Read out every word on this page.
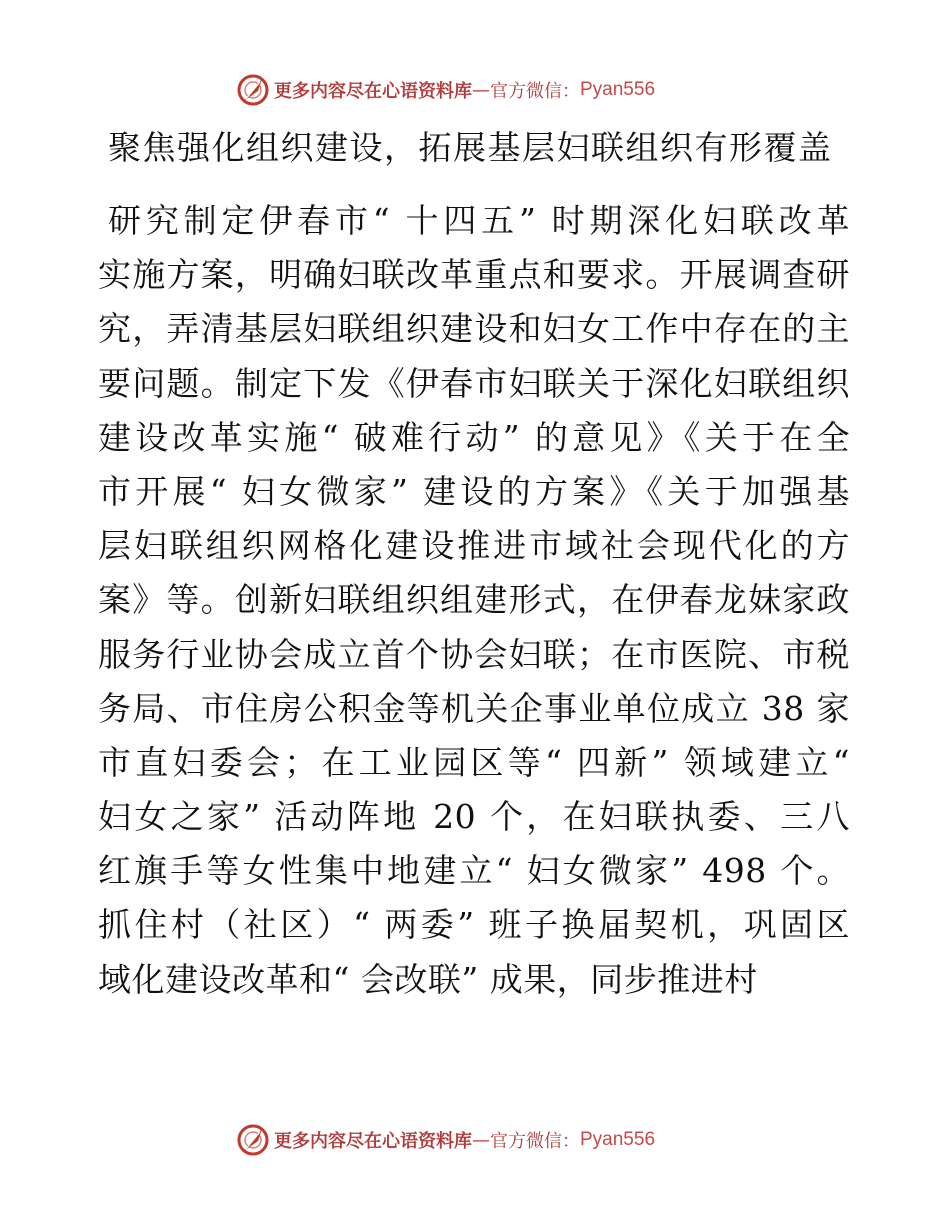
更多内容尽在心语资料库 — 官方微信： Pyan556
聚焦强化组织建设，拓展基层妇联组织有形覆盖
研究制定伊春市“ 十四五” 时期深化妇联改革
实施方案，明确妇联改革重点和要求。开展调查研
究，弄清基层妇联组织建设和妇女工作中存在的主
要问题。制定下发《伊春市妇联关于深化妇联组织
建设改革实施“ 破难行动” 的意见》《关于在全
市开展“ 妇女微家” 建设的方案》《关于加强基
层妇联组织网格化建设推进市域社会现代化的方
案》等。创新妇联组织组建形式，在伊春龙妹家政
服务行业协会成立首个协会妇联；在市医院、市税
务局、市住房公积金等机关企事业单位成立 38 家
市直妇委会；在工业园区等“ 四新” 领域建立“
妇女之家” 活动阵地 20 个，在妇联执委、三八
红旗手等女性集中地建立“ 妇女微家” 498 个。
抓住村（社区）“ 两委” 班子换届契机，巩固区
域化建设改革和“ 会改联” 成果，同步推进村
更多内容尽在心语资料库 — 官方微信： Pyan556
